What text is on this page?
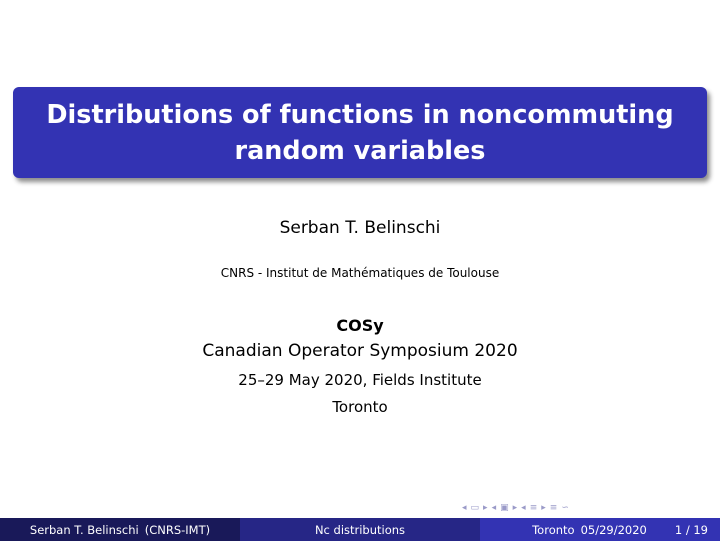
Distributions of functions in noncommuting random variables
Serban T. Belinschi
CNRS - Institut de Mathématiques de Toulouse
COSy
Canadian Operator Symposium 2020
25–29 May 2020, Fields Institute
Toronto
◂ ▭ ▸ ◂ ▣ ▸ ◂ ≡ ▸ ≡ ∽
Serban T. Belinschi (CNRS-IMT)	Nc distributions	Toronto 05/29/2020 1 / 19
